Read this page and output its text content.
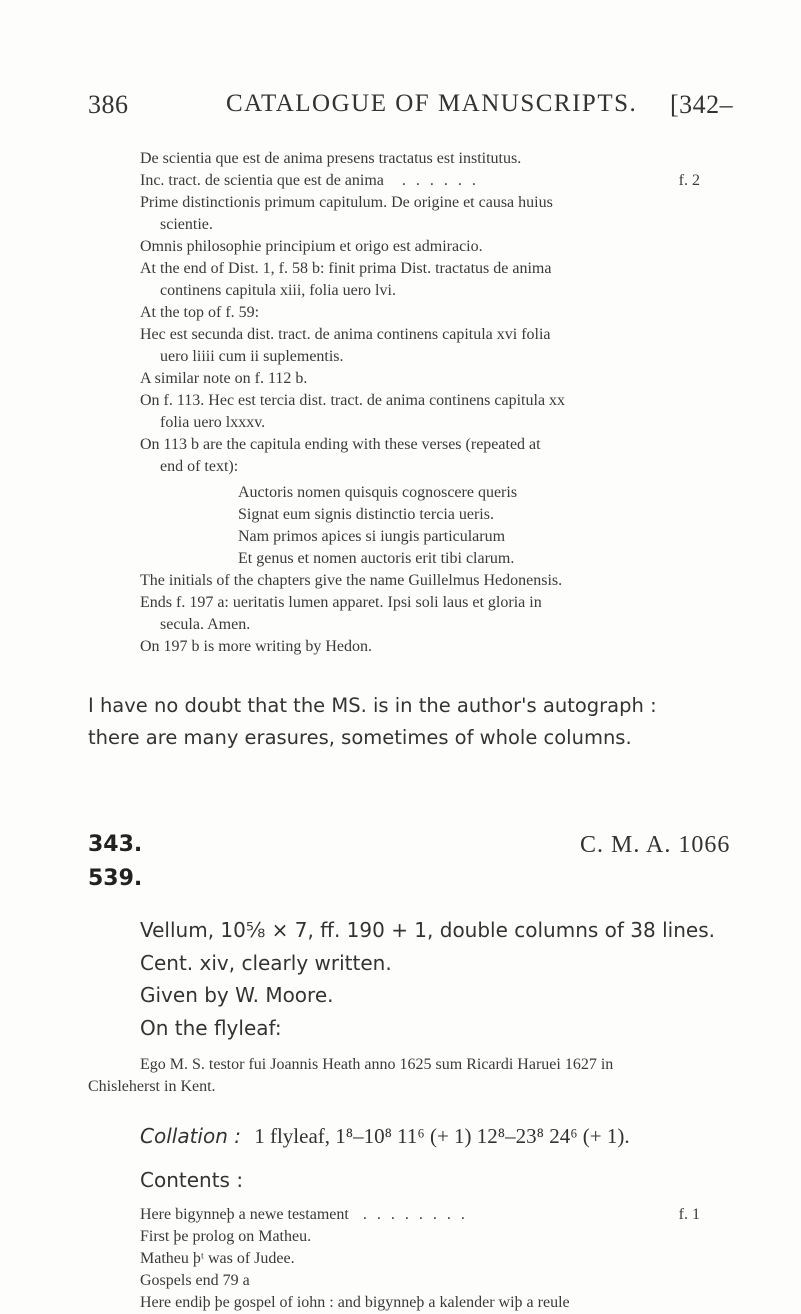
386	CATALOGUE OF MANUSCRIPTS. [342–

De scientia que est de anima presens tractatus est institutus.

Inc. tract. de scientia que est de anima ......	f. 2

Prime distinctionis primum capitulum. De origine et causa huius

scientie.

Omnis philosophie principium et origo est admiracio.

At the end of Dist. 1, f. 58 b: finit prima Dist. tractatus de anima

continens capitula xiii, folia uero lvi.

At the top of f. 59:

Hec est secunda dist. tract. de anima continens capitula xvi folia

uero liiii cum ii suplementis.

A similar note on f. 112 b.

On f. 113. Hec est tercia dist. tract. de anima continens capitula xx

folia uero lxxxv.

On 113 b are the capitula ending with these verses (repeated at

end of text):

Auctoris nomen quisquis cognoscere queris

Signat eum signis distinctio tercia ueris.

Nam primos apices si iungis particularum

Et genus et nomen auctoris erit tibi clarum.

The initials of the chapters give the name Guillelmus Hedonensis.

Ends f. 197 a: ueritatis lumen apparet. Ipsi soli laus et gloria in

secula. Amen.

On 197 b is more writing by Hedon.

I have no doubt that the MS. is in the author's autograph :
there are many erasures, sometimes of whole columns.
343.
539.
C. M. A. 1066
Vellum, 10⅝ × 7, ff. 190 + 1, double columns of 38 lines.
Cent. xiv, clearly written.
Given by W. Moore.
On the flyleaf:
Ego M. S. testor fui Joannis Heath anno 1625 sum Ricardi Haruei 1627 in
Chisleherst in Kent.
Collation : 1 flyleaf, 1⁸–10⁸ 11⁶ (+ 1) 12⁸–23⁸ 24⁶ (+ 1).
Contents :

Here bigynneþ a newe testament ........	f. 1

First þe prolog on Matheu.

Matheu þᵗ was of Judee.

Gospels end 79 a

Here endiþ þe gospel of iohn : and bigynneþ a kalender wiþ a reule
